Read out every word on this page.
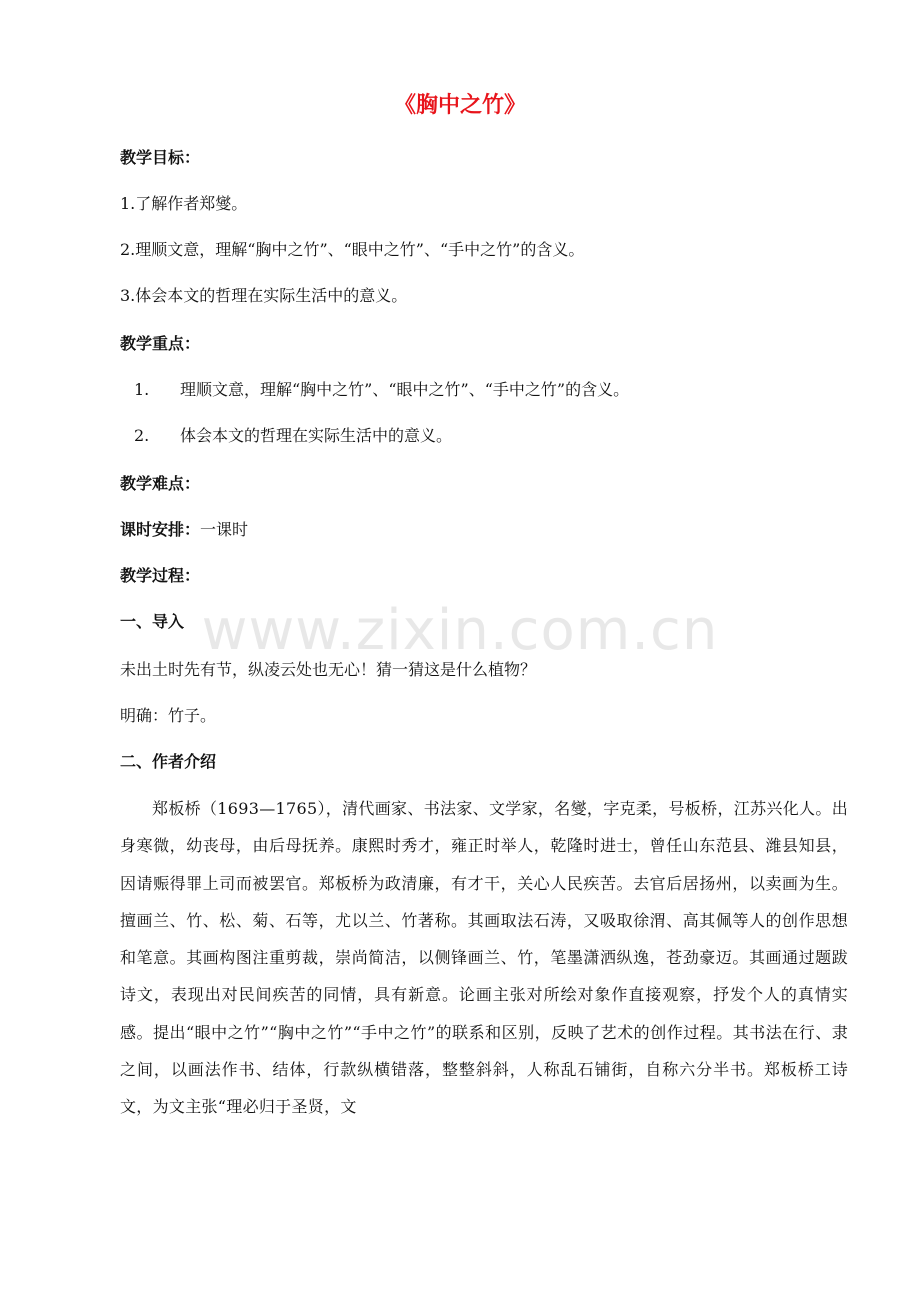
《胸中之竹》
教学目标：
1.了解作者郑燮。
2.理顺文意，理解“胸中之竹”、“眼中之竹”、“手中之竹”的含义。
3.体会本文的哲理在实际生活中的意义。
教学重点：
1. 理顺文意，理解“胸中之竹”、“眼中之竹”、“手中之竹”的含义。
2. 体会本文的哲理在实际生活中的意义。
教学难点：
课时安排：一课时
教学过程：
一、导入
未出土时先有节，纵凌云处也无心！猜一猜这是什么植物？
明确：竹子。
二、作者介绍
郑板桥（1693—1765），清代画家、书法家、文学家，名燮，字克柔，号板桥，江苏兴化人。出身寒微，幼丧母，由后母抚养。康熙时秀才，雍正时举人，乾隆时进士，曾任山东范县、潍县知县，因请赈得罪上司而被罢官。郑板桥为政清廉，有才干，关心人民疾苦。去官后居扬州，以卖画为生。擅画兰、竹、松、菊、石等，尤以兰、竹著称。其画取法石涛，又吸取徐渭、高其佩等人的创作思想和笔意。其画构图注重剪裁，崇尚简洁，以侧锋画兰、竹，笔墨潇洒纵逸，苍劲豪迈。其画通过题跋诗文，表现出对民间疾苦的同情，具有新意。论画主张对所绘对象作直接观察，抒发个人的真情实感。提出“眼中之竹”“胸中之竹”“手中之竹”的联系和区别，反映了艺术的创作过程。其书法在行、隶之间，以画法作书、结体，行款纵横错落，整整斜斜，人称乱石铺街，自称六分半书。郑板桥工诗文，为文主张“理必归于圣贤，文
www.zixin.com.cn
